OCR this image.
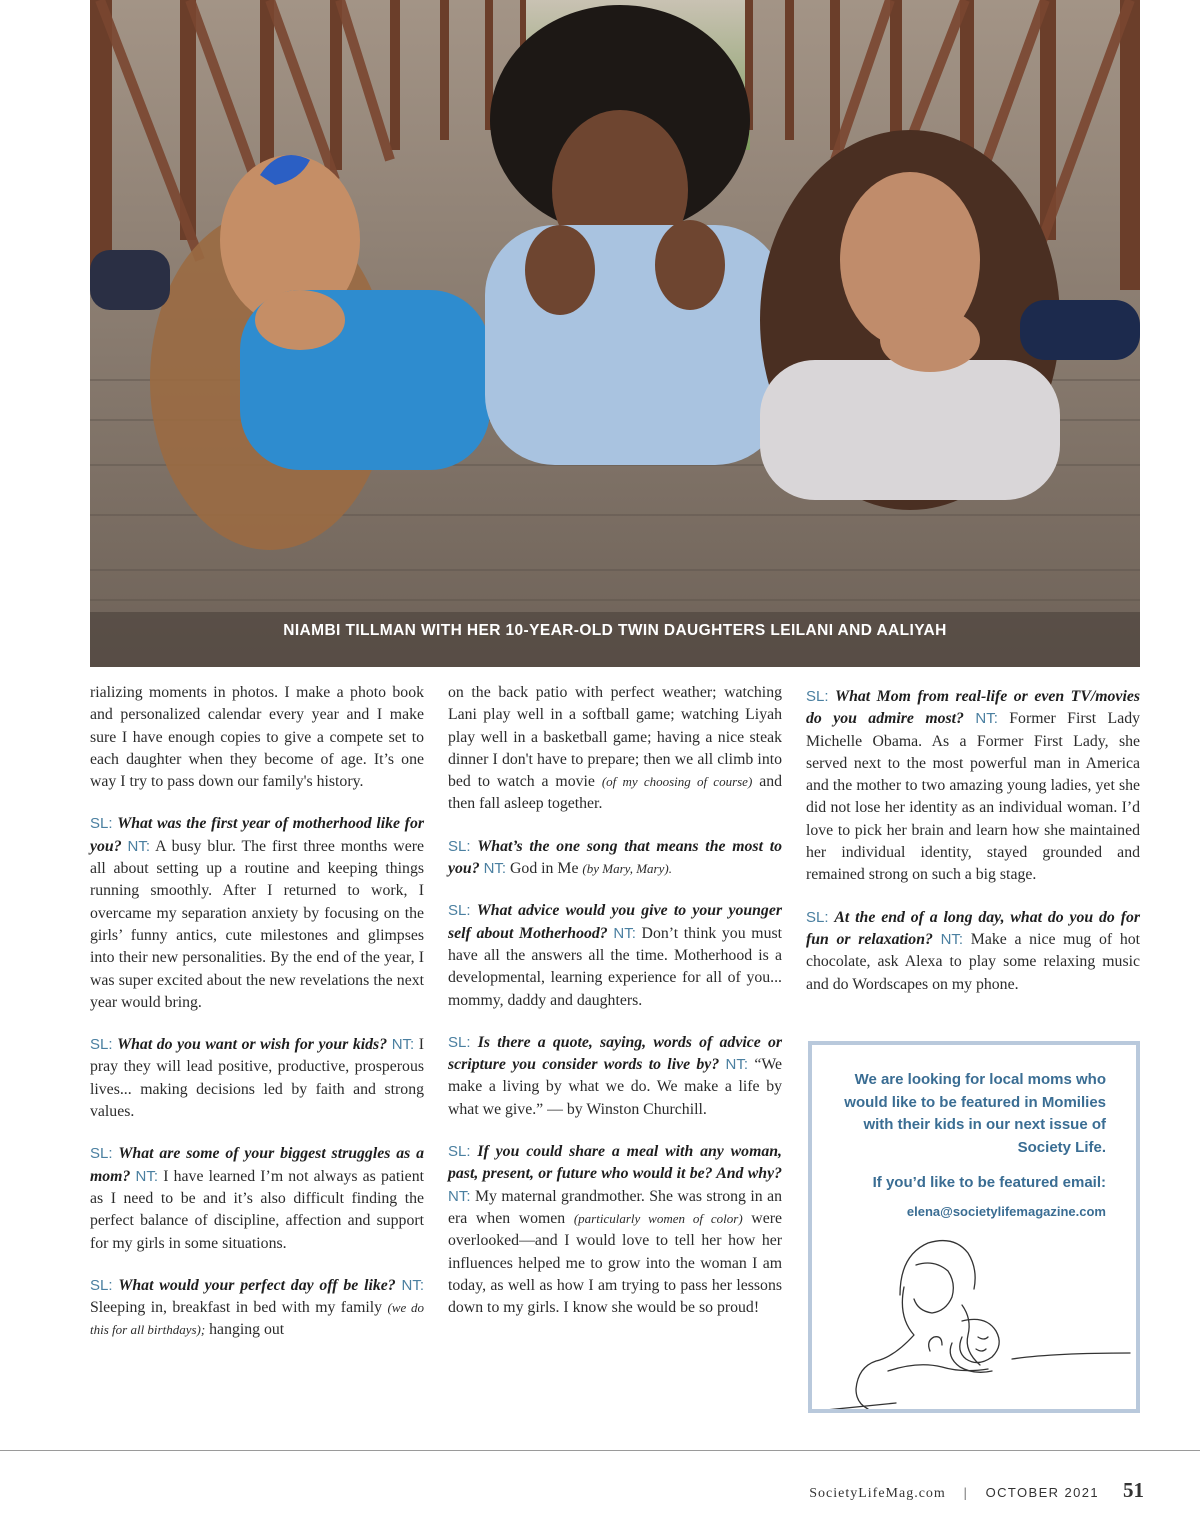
NIAMBI TILLMAN WITH HER 10-YEAR-OLD TWIN DAUGHTERS LEILANI AND AALIYAH

rializing moments in photos. I make a photo book and personalized calendar every year and I make sure I have enough copies to give a compete set to each daughter when they become of age. It’s one way I try to pass down our family's history.

SL: What was the first year of motherhood like for you? NT: A busy blur. The first three months were all about setting up a routine and keeping things running smoothly. After I returned to work, I overcame my separation anxiety by focusing on the girls’ funny antics, cute milestones and glimpses into their new personalities. By the end of the year, I was super excited about the new revelations the next year would bring.

SL: What do you want or wish for your kids? NT: I pray they will lead positive, productive, prosperous lives... making decisions led by faith and strong values.

SL: What are some of your biggest struggles as a mom? NT: I have learned I’m not always as patient as I need to be and it’s also difficult finding the perfect balance of discipline, affection and support for my girls in some situations.

SL: What would your perfect day off be like? NT: Sleeping in, breakfast in bed with my family (we do this for all birthdays); hanging out

on the back patio with perfect weather; watching Lani play well in a softball game; watching Liyah play well in a basketball game; having a nice steak dinner I don't have to prepare; then we all climb into bed to watch a movie (of my choosing of course) and then fall asleep together.

SL: What’s the one song that means the most to you? NT: God in Me (by Mary, Mary).

SL: What advice would you give to your younger self about Motherhood? NT: Don’t think you must have all the answers all the time. Motherhood is a developmental, learning experience for all of you... mommy, daddy and daughters.

SL: Is there a quote, saying, words of advice or scripture you consider words to live by? NT: “We make a living by what we do. We make a life by what we give.” — by Winston Churchill.

SL: If you could share a meal with any woman, past, present, or future who would it be? And why? NT: My maternal grandmother. She was strong in an era when women (particularly women of color) were overlooked—and I would love to tell her how her influences helped me to grow into the woman I am today, as well as how I am trying to pass her lessons down to my girls. I know she would be so proud!

SL: What Mom from real-life or even TV/movies do you admire most? NT: Former First Lady Michelle Obama. As a Former First Lady, she served next to the most powerful man in America and the mother to two amazing young ladies, yet she did not lose her identity as an individual woman. I’d love to pick her brain and learn how she maintained her individual identity, stayed grounded and remained strong on such a big stage.

SL: At the end of a long day, what do you do for fun or relaxation? NT: Make a nice mug of hot chocolate, ask Alexa to play some relaxing music and do Wordscapes on my phone.

We are looking for local moms who would like to be featured in Momilies with their kids in our next issue of Society Life.
If you’d like to be featured email:
elena@societylifemagazine.com
SocietyLifeMag.com | OCTOBER 2021 51
